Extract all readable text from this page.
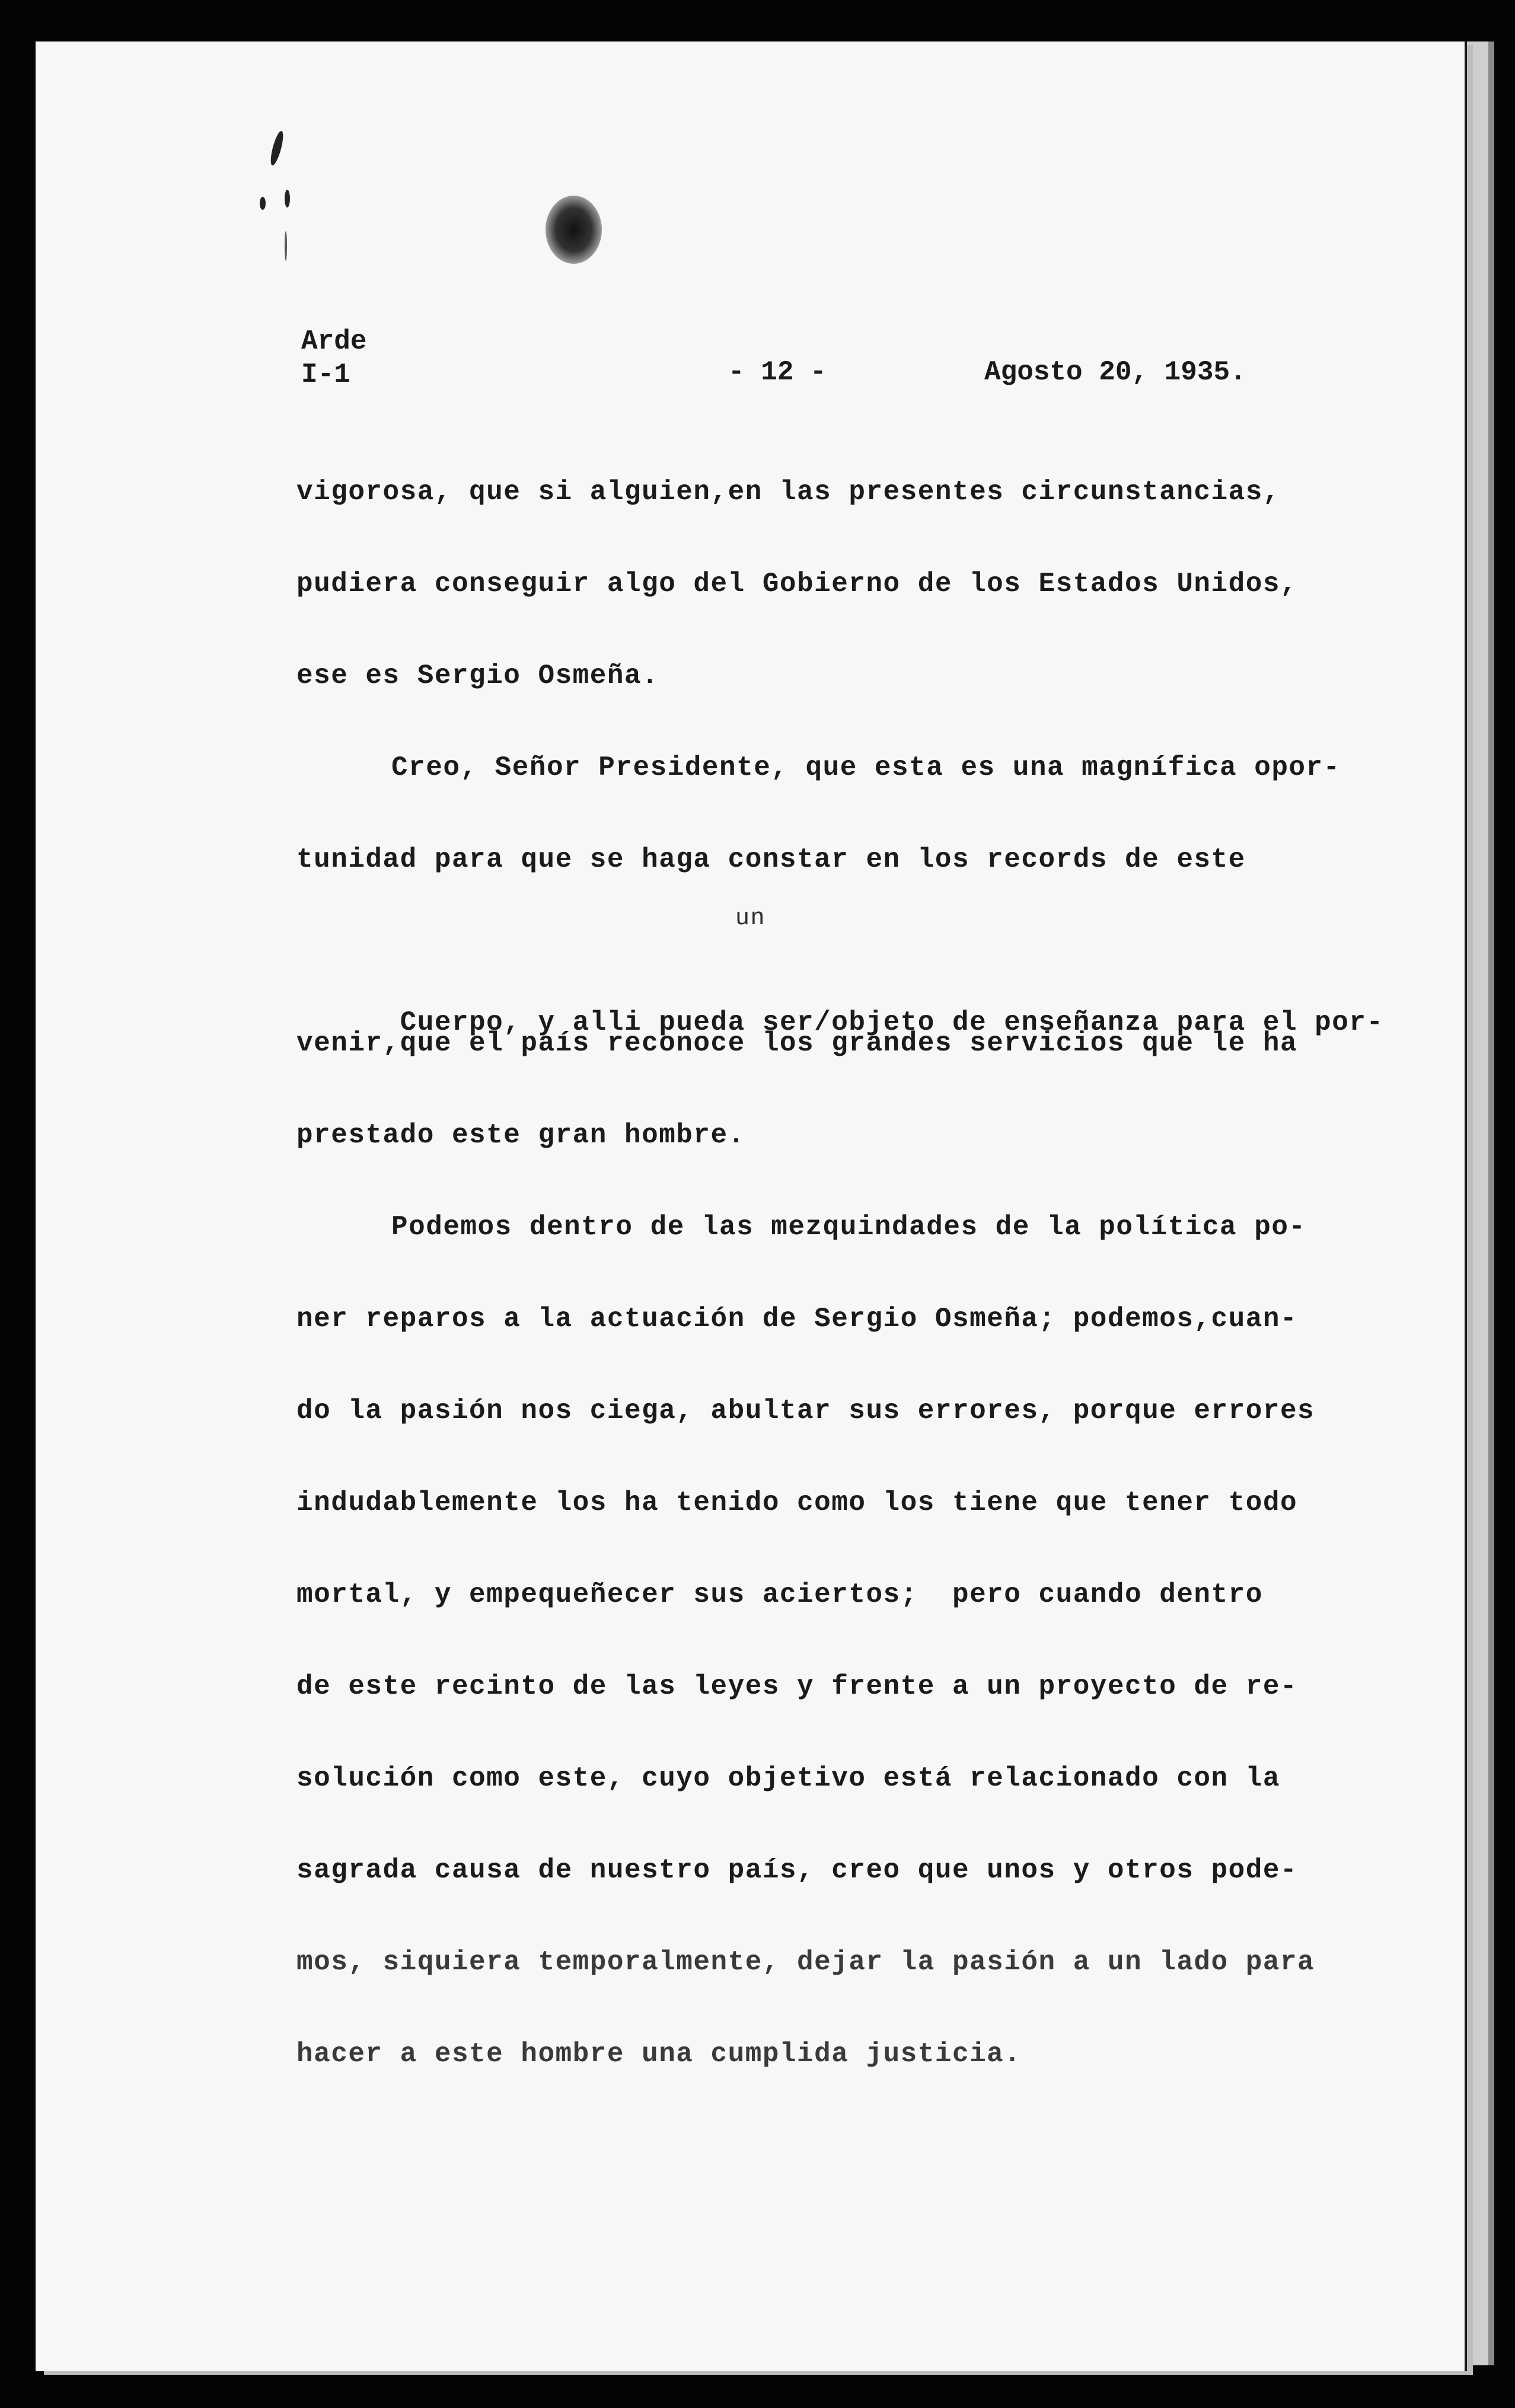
Arde
I-1	- 12 -	Agosto 20, 1935.
vigorosa, que si alguien,en las presentes circunstancias,
pudiera conseguir algo del Gobierno de los Estados Unidos,
ese es Sergio Osmeña.
Creo, Señor Presidente, que esta es una magnífica opor-
tunidad para que se haga constar en los records de este

un

Cuerpo, y alli pueda ser/objeto de enseñanza para el por-

venir,que el país reconoce los grandes servicios que le ha
prestado este gran hombre.
Podemos dentro de las mezquindades de la política po-
ner reparos a la actuación de Sergio Osmeña; podemos,cuan-
do la pasión nos ciega, abultar sus errores, porque errores
indudablemente los ha tenido como los tiene que tener todo
mortal, y empequeñecer sus aciertos;  pero cuando dentro
de este recinto de las leyes y frente a un proyecto de re-
solución como este, cuyo objetivo está relacionado con la
sagrada causa de nuestro país, creo que unos y otros pode-
mos, siquiera temporalmente, dejar la pasión a un lado para
hacer a este hombre una cumplida justicia.
